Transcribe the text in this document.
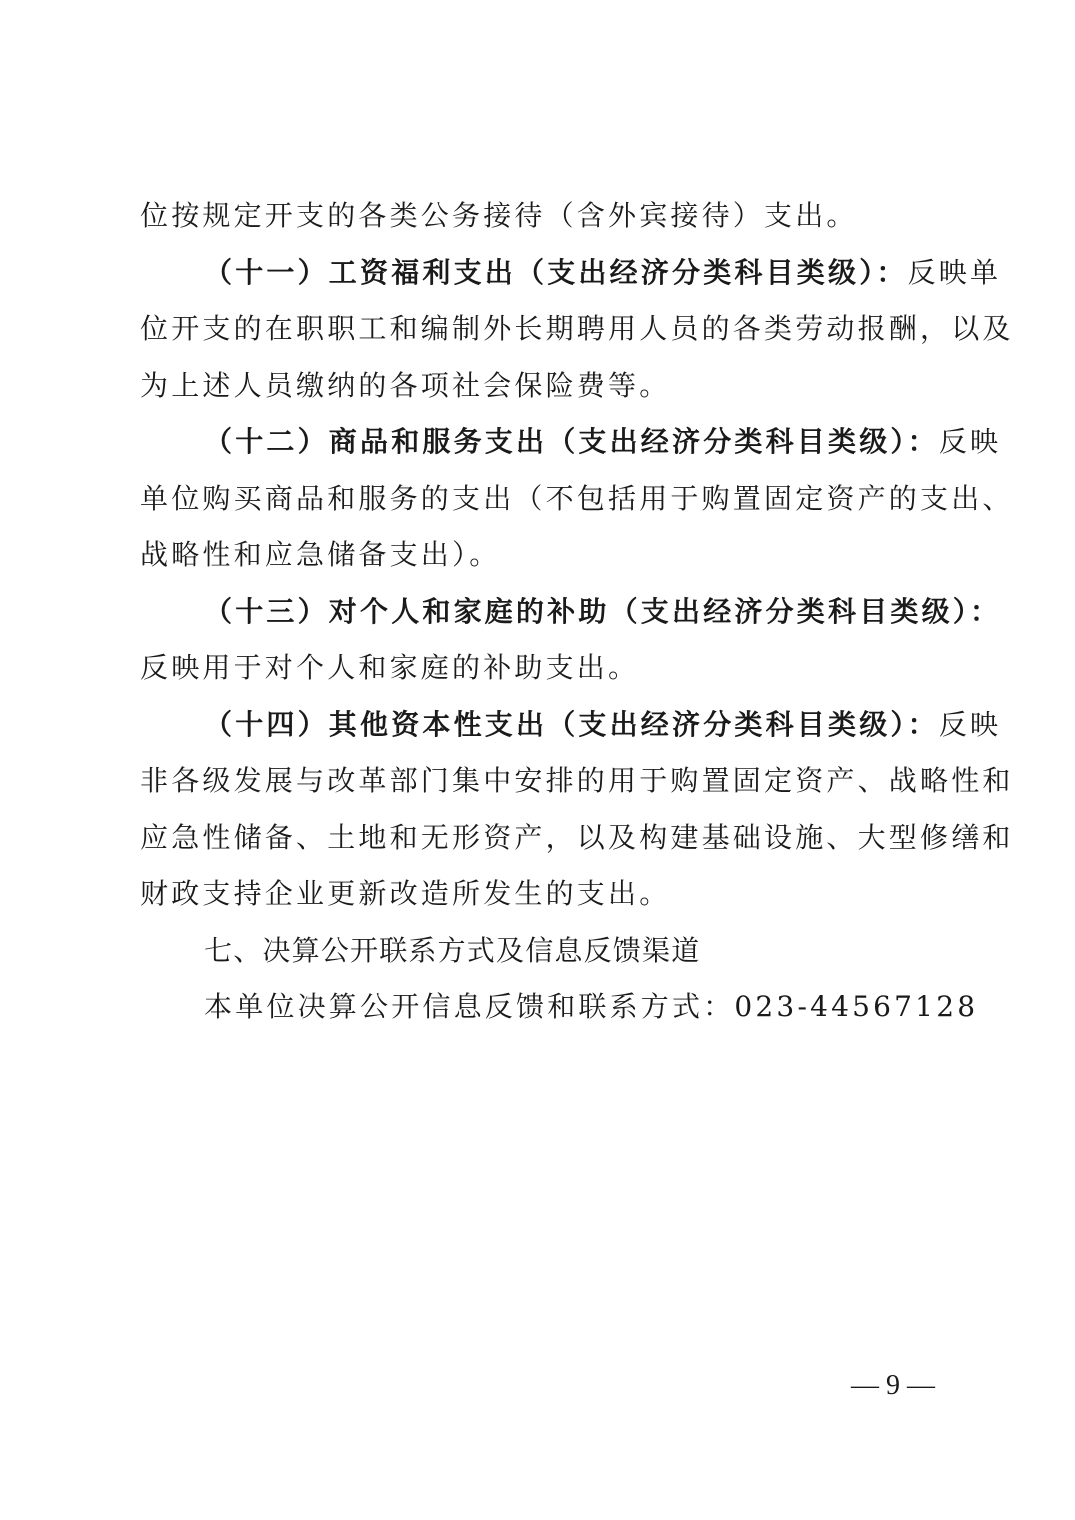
位按规定开支的各类公务接待（含外宾接待）支出。
（十一）工资福利支出（支出经济分类科目类级）：反映单
位开支的在职职工和编制外长期聘用人员的各类劳动报酬，以及
为上述人员缴纳的各项社会保险费等。
（十二）商品和服务支出（支出经济分类科目类级）：反映
单位购买商品和服务的支出（不包括用于购置固定资产的支出、
战略性和应急储备支出）。
（十三）对个人和家庭的补助（支出经济分类科目类级）：
反映用于对个人和家庭的补助支出。
（十四）其他资本性支出（支出经济分类科目类级）：反映
非各级发展与改革部门集中安排的用于购置固定资产、战略性和
应急性储备、土地和无形资产，以及构建基础设施、大型修缮和
财政支持企业更新改造所发生的支出。
七、决算公开联系方式及信息反馈渠道
本单位决算公开信息反馈和联系方式：023-44567128
— 9 —
